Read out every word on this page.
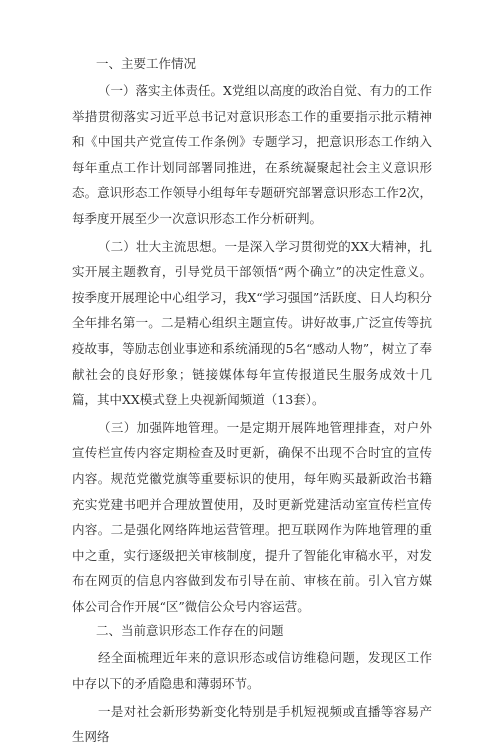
一、主要工作情况

（一）落实主体责任。X党组以高度的政治自觉、有力的工作举措贯彻落实习近平总书记对意识形态工作的重要指示批示精神和《中国共产党宣传工作条例》专题学习，把意识形态工作纳入每年重点工作计划同部署同推进，在系统凝聚起社会主义意识形态。意识形态工作领导小组每年专题研究部署意识形态工作2次，每季度开展至少一次意识形态工作分析研判。

（二）壮大主流思想。一是深入学习贯彻党的XX大精神，扎实开展主题教育，引导党员干部领悟“两个确立”的决定性意义。按季度开展理论中心组学习，我X“学习强国”活跃度、日人均积分全年排名第一。二是精心组织主题宣传。讲好故事,广泛宣传等抗疫故事，等励志创业事迹和系统涌现的5名“感动人物”，树立了奉献社会的良好形象；链接媒体每年宣传报道民生服务成效十几篇，其中XX模式登上央视新闻频道（13套）。

（三）加强阵地管理。一是定期开展阵地管理排查，对户外宣传栏宣传内容定期检查及时更新，确保不出现不合时宜的宣传内容。规范党徽党旗等重要标识的使用，每年购买最新政治书籍充实党建书吧并合理放置使用，及时更新党建活动室宣传栏宣传内容。二是强化网络阵地运营管理。把互联网作为阵地管理的重中之重，实行逐级把关审核制度，提升了智能化审稿水平，对发布在网页的信息内容做到发布引导在前、审核在前。引入官方媒体公司合作开展“区”微信公众号内容运营。

二、当前意识形态工作存在的问题

经全面梳理近年来的意识形态或信访维稳问题，发现区工作中存以下的矛盾隐患和薄弱环节。

一是对社会新形势新变化特别是手机短视频或直播等容易产生网络
